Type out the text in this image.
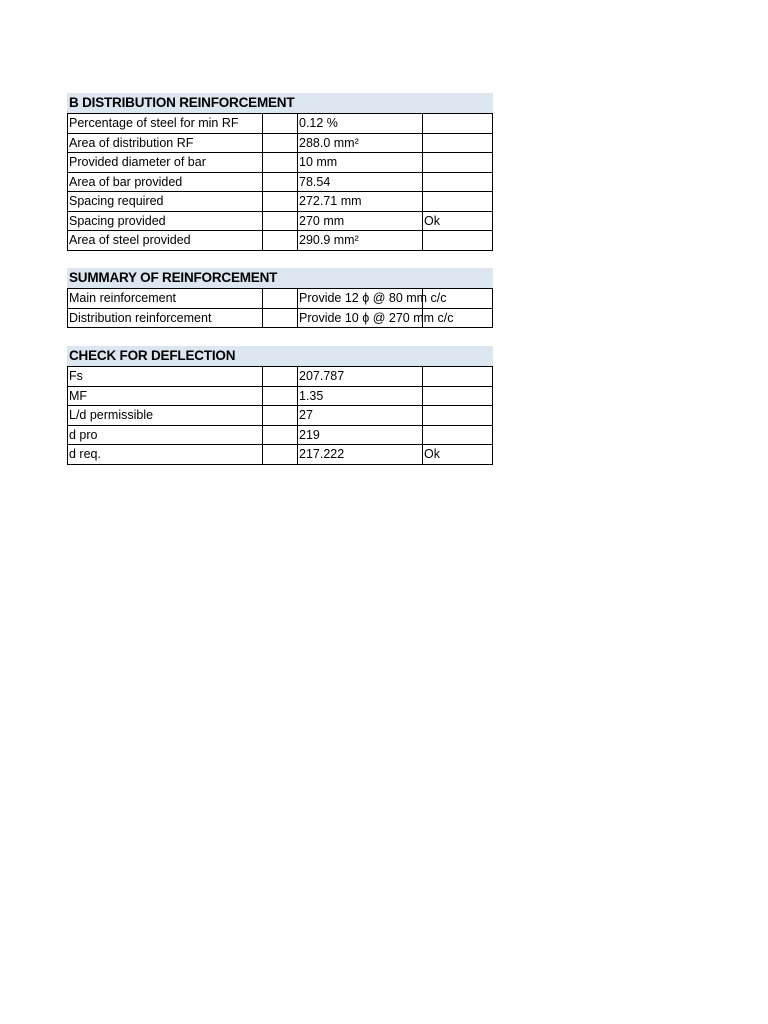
B DISTRIBUTION REINFORCEMENT
Percentage of steel for min RF		0.12 %	
Area of distribution RF		288.0 mm²	
Provided diameter of bar		10 mm	
Area of bar provided		78.54	
Spacing required		272.71 mm	
Spacing provided		270 mm	Ok
Area of steel provided		290.9 mm²	
SUMMARY OF REINFORCEMENT
Main reinforcement		Provide 12 ϕ @ 80 mm c/c	
Distribution reinforcement		Provide 10 ϕ @ 270 mm c/c	
CHECK FOR DEFLECTION
Fs		207.787	
MF		1.35	
L/d permissible		27	
d pro		219	
d req.		217.222	Ok
